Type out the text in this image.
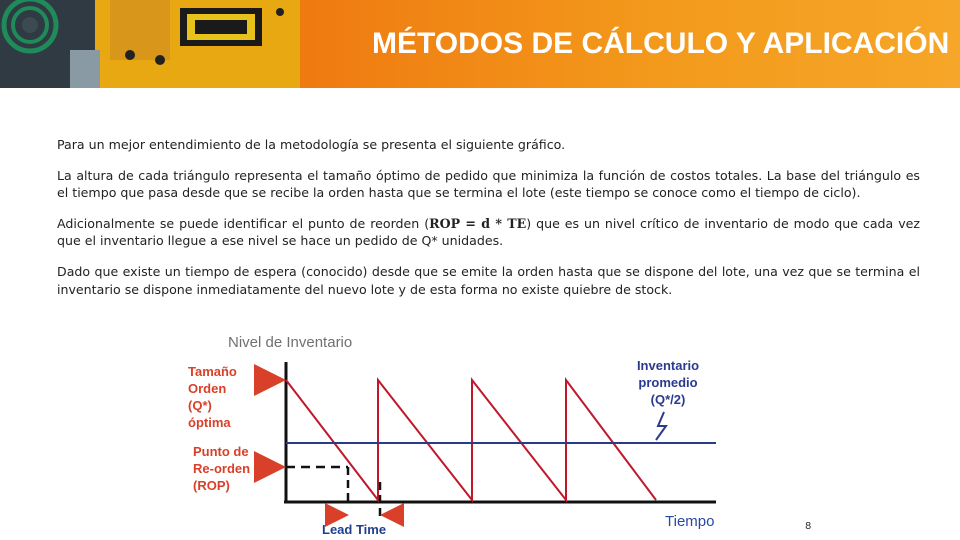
MÉTODOS DE CÁLCULO Y APLICACIÓN

Para un mejor entendimiento de la metodología se presenta el siguiente gráfico.

La altura de cada triángulo representa el tamaño óptimo de pedido que minimiza la función de costos totales. La base del triángulo es el tiempo que pasa desde que se recibe la orden hasta que se termina el lote (este tiempo se conoce como el tiempo de ciclo).

Adicionalmente se puede identificar el punto de reorden (ROP = d * TE) que es un nivel crítico de inventario de modo que cada vez que el inventario llegue a ese nivel se hace un pedido de Q* unidades.

Dado que existe un tiempo de espera (conocido) desde que se emite la orden hasta que se dispone del lote, una vez que se termina el inventario se dispone inmediatamente del nuevo lote y de esta forma no existe quiebre de stock.

Nivel de Inventario
Tiempo
Lead Time
Tamaño
Orden
(Q*)
óptima
Punto de
Re-orden
(ROP)
Inventario
promedio
(Q*/2)
8
